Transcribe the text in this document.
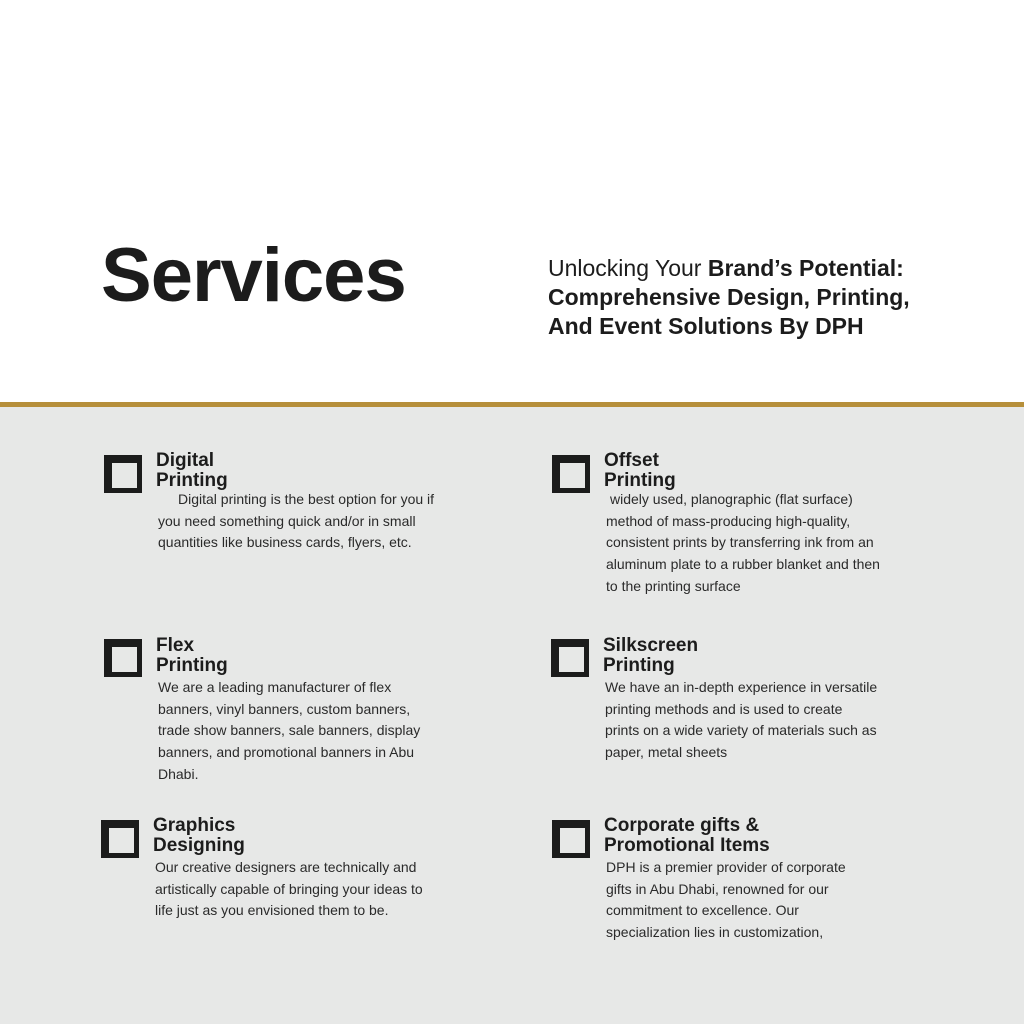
Services	Unlocking Your Brand’s Potential:
Comprehensive Design, Printing,
And Event Solutions By DPH

Digital
Printing

Digital printing is the best option for you if you need something quick and/or in small quantities like business cards, flyers, etc.

Offset
Printing

widely used, planographic (flat surface) method of mass-producing high-quality, consistent prints by transferring ink from an aluminum plate to a rubber blanket and then to the printing surface

Flex
Printing

We are a leading manufacturer of flex banners, vinyl banners, custom banners, trade show banners, sale banners, display banners, and promotional banners in Abu Dhabi.

Silkscreen
Printing

We have an in-depth experience in versatile printing methods and is used to create prints on a wide variety of materials such as paper, metal sheets

Graphics
Designing

Our creative designers are technically and artistically capable of bringing your ideas to life just as you envisioned them to be.

Corporate gifts &
Promotional Items

DPH is a premier provider of corporate gifts in Abu Dhabi, renowned for our commitment to excellence. Our specialization lies in customization,
